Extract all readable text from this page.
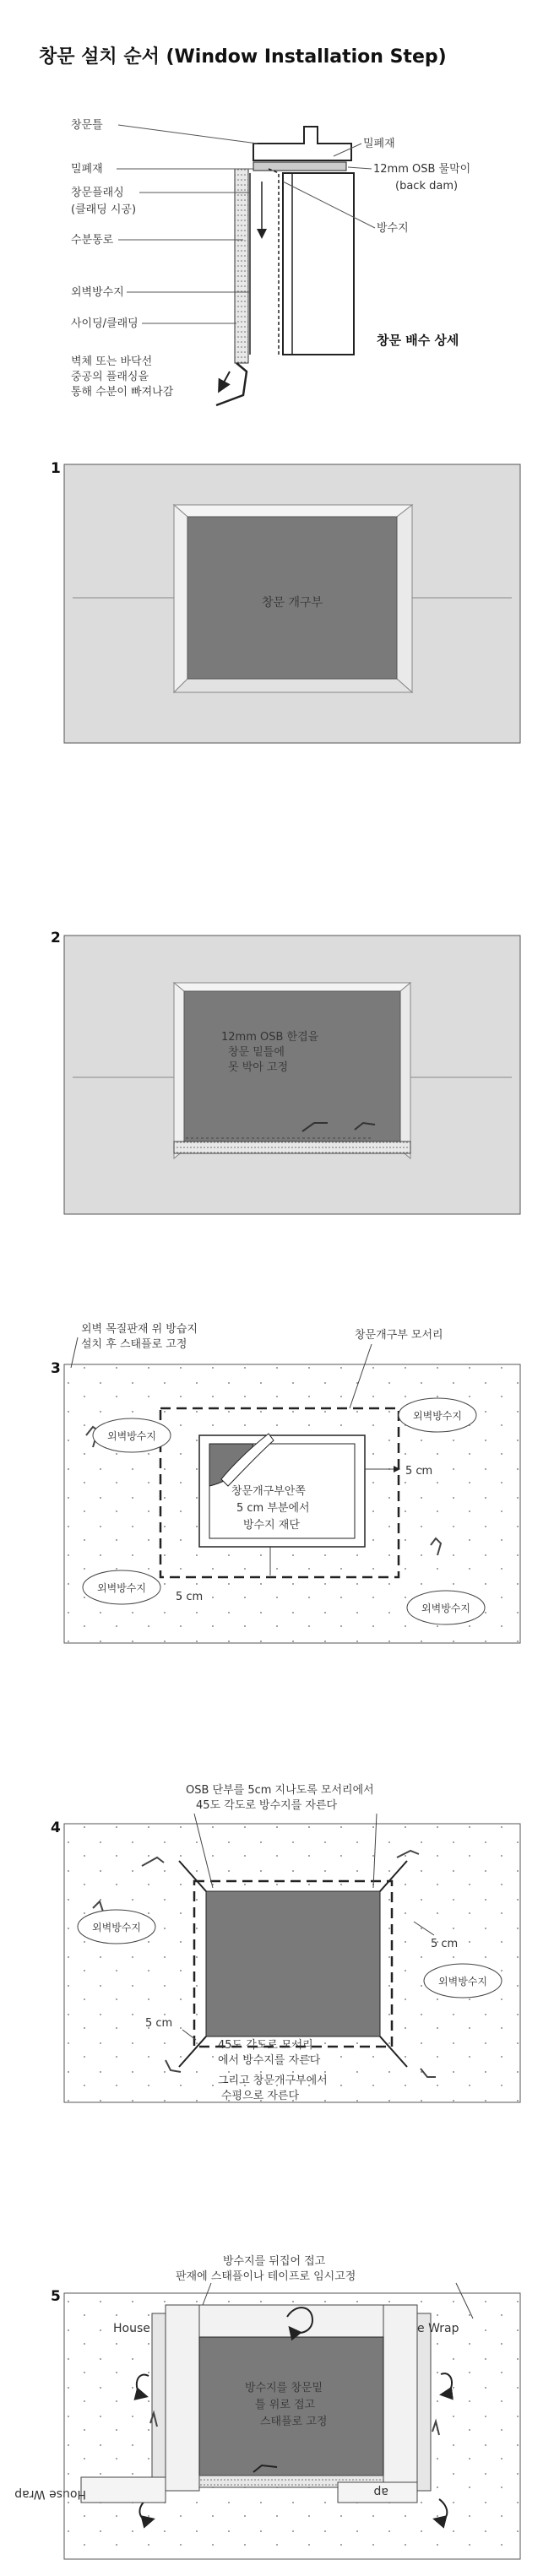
창문 설치 순서 (Window Installation Step)
창문틀
밀폐재
창문플래싱
(클래딩 시공)
수분통로
외벽방수지
사이딩/클래딩
벽체 또는 바닥선
중공의 플래싱을
통해 수분이 빠져나감
밀폐재
12mm OSB 물막이
(back dam)
방수지
창문 배수 상세
1
창문 개구부
2
12mm OSB 한겹을
창문 밑틀에
못 박아 고정
3
외벽방수지
외벽방수지
외벽방수지
외벽방수지
외벽 목질판재 위 방습지
설치 후 스태플로 고정
창문개구부 모서리
5 cm
5 cm
창문개구부안쪽
5 cm 부분에서
방수지 재단
4
외벽방수지
외벽방수지
OSB 단부를 5cm 지나도록 모서리에서
45도 각도로 방수지를 자른다
5 cm
5 cm
45도 각도로 모서리
에서 방수지를 자른다
그리고 창문개구부에서
수평으로 자른다
5
방수지를 뒤집어 접고
판재에 스태플이나 테이프로 임시고정
House	e Wrap
House Wrap	ap
방수지를 창문밑
틀 위로 접고
스태플로 고정
